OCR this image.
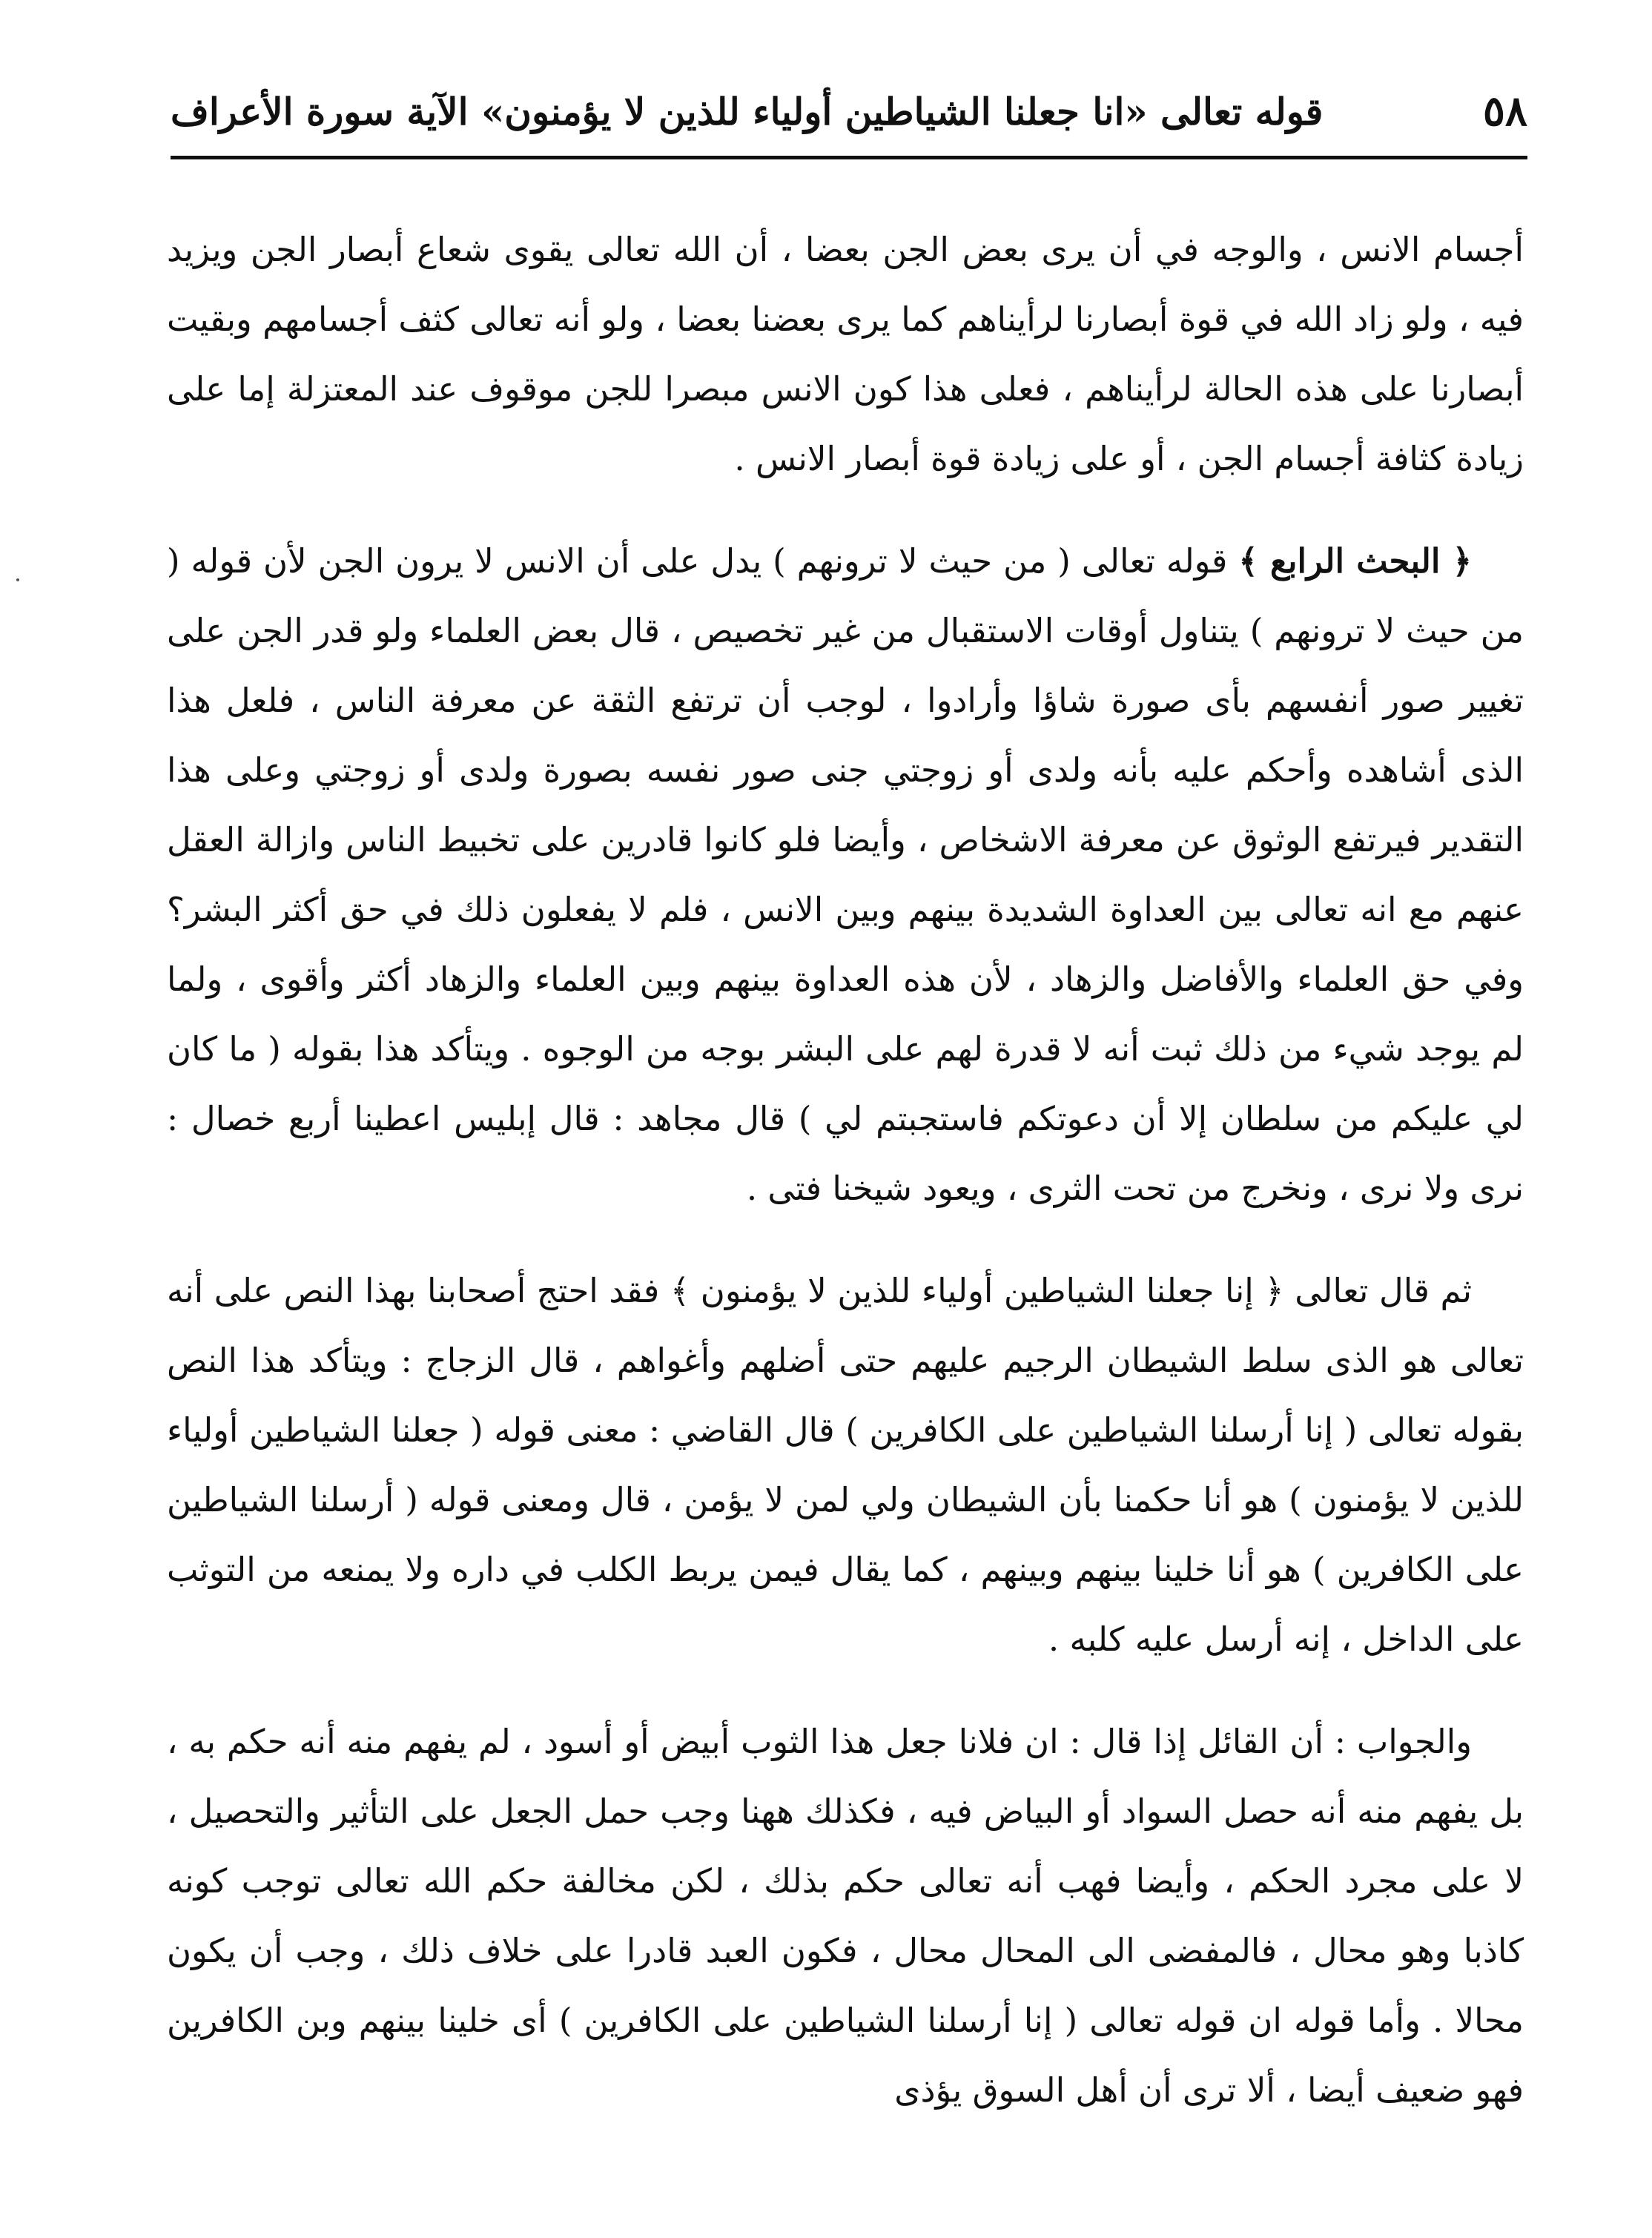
٥٨
قوله تعالى «انا جعلنا الشياطين أولياء للذين لا يؤمنون» الآية سورة الأعراف

أجسام الانس ، والوجه في أن يرى بعض الجن بعضا ، أن الله تعالى يقوى شعاع أبصار الجن ويزيد فيه ، ولو زاد الله في قوة أبصارنا لرأيناهم كما يرى بعضنا بعضا ، ولو أنه تعالى كثف أجسامهم وبقيت أبصارنا على هذه الحالة لرأيناهم ، فعلى هذا كون الانس مبصرا للجن موقوف عند المعتزلة إما على زيادة كثافة أجسام الجن ، أو على زيادة قوة أبصار الانس .

﴿ البحث الرابع ﴾ قوله تعالى ( من حيث لا ترونهم ) يدل على أن الانس لا يرون الجن لأن قوله ( من حيث لا ترونهم ) يتناول أوقات الاستقبال من غير تخصيص ، قال بعض العلماء ولو قدر الجن على تغيير صور أنفسهم بأى صورة شاؤا وأرادوا ، لوجب أن ترتفع الثقة عن معرفة الناس ، فلعل هذا الذى أشاهده وأحكم عليه بأنه ولدى أو زوجتي جنى صور نفسه بصورة ولدى أو زوجتي وعلى هذا التقدير فيرتفع الوثوق عن معرفة الاشخاص ، وأيضا فلو كانوا قادرين على تخبيط الناس وازالة العقل عنهم مع انه تعالى بين العداوة الشديدة بينهم وبين الانس ، فلم لا يفعلون ذلك في حق أكثر البشر؟ وفي حق العلماء والأفاضل والزهاد ، لأن هذه العداوة بينهم وبين العلماء والزهاد أكثر وأقوى ، ولما لم يوجد شيء من ذلك ثبت أنه لا قدرة لهم على البشر بوجه من الوجوه . ويتأكد هذا بقوله ( ما كان لي عليكم من سلطان إلا أن دعوتكم فاستجبتم لي ) قال مجاهد : قال إبليس اعطينا أربع خصال : نرى ولا نرى ، ونخرج من تحت الثرى ، ويعود شيخنا فتى .

ثم قال تعالى ﴿ إنا جعلنا الشياطين أولياء للذين لا يؤمنون ﴾ فقد احتج أصحابنا بهذا النص على أنه تعالى هو الذى سلط الشيطان الرجيم عليهم حتى أضلهم وأغواهم ، قال الزجاج : ويتأكد هذا النص بقوله تعالى ( إنا أرسلنا الشياطين على الكافرين ) قال القاضي : معنى قوله ( جعلنا الشياطين أولياء للذين لا يؤمنون ) هو أنا حكمنا بأن الشيطان ولي لمن لا يؤمن ، قال ومعنى قوله ( أرسلنا الشياطين على الكافرين ) هو أنا خلينا بينهم وبينهم ، كما يقال فيمن يربط الكلب في داره ولا يمنعه من التوثب على الداخل ، إنه أرسل عليه كلبه .

والجواب : أن القائل إذا قال : ان فلانا جعل هذا الثوب أبيض أو أسود ، لم يفهم منه أنه حكم به ، بل يفهم منه أنه حصل السواد أو البياض فيه ، فكذلك ههنا وجب حمل الجعل على التأثير والتحصيل ، لا على مجرد الحكم ، وأيضا فهب أنه تعالى حكم بذلك ، لكن مخالفة حكم الله تعالى توجب كونه كاذبا وهو محال ، فالمفضى الى المحال محال ، فكون العبد قادرا على خلاف ذلك ، وجب أن يكون محالا . وأما قوله ان قوله تعالى ( إنا أرسلنا الشياطين على الكافرين ) أى خلينا بينهم وبن الكافرين فهو ضعيف أيضا ، ألا ترى أن أهل السوق يؤذى
